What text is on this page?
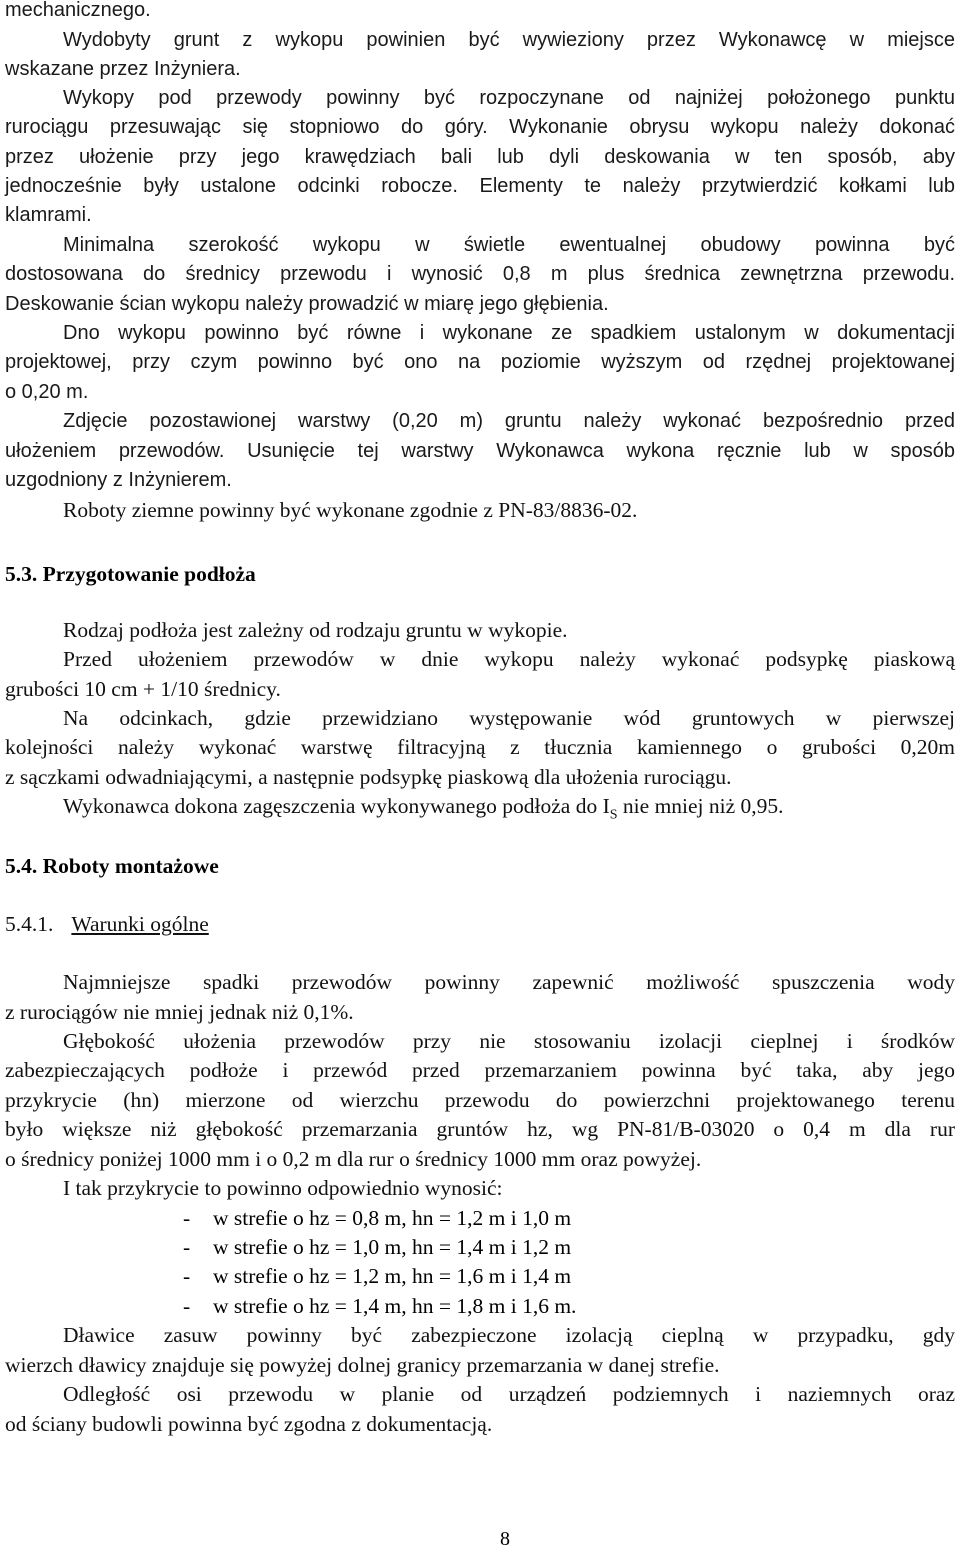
mechanicznego.
Wydobyty grunt z wykopu powinien być wywieziony przez Wykonawcę w miejsce
wskazane przez Inżyniera.
Wykopy pod przewody powinny być rozpoczynane od najniżej położonego punktu
rurociągu przesuwając się stopniowo do góry. Wykonanie obrysu wykopu należy dokonać
przez ułożenie przy jego krawędziach bali lub dyli deskowania w ten sposób, aby
jednocześnie były ustalone odcinki robocze. Elementy te należy przytwierdzić kołkami lub
klamrami.
Minimalna szerokość wykopu w świetle ewentualnej obudowy powinna być
dostosowana do średnicy przewodu i wynosić 0,8 m plus średnica zewnętrzna przewodu.
Deskowanie ścian wykopu należy prowadzić w miarę jego głębienia.
Dno wykopu powinno być równe i wykonane ze spadkiem ustalonym w dokumentacji
projektowej, przy czym powinno być ono na poziomie wyższym od rzędnej projektowanej
o 0,20 m.
Zdjęcie pozostawionej warstwy (0,20 m) gruntu należy wykonać bezpośrednio przed
ułożeniem przewodów. Usunięcie tej warstwy Wykonawca wykona ręcznie lub w sposób
uzgodniony z Inżynierem.
Roboty ziemne powinny być wykonane zgodnie z PN-83/8836-02.
5.3. Przygotowanie podłoża
Rodzaj podłoża jest zależny od rodzaju gruntu w wykopie.
Przed ułożeniem przewodów w dnie wykopu należy wykonać podsypkę piaskową
grubości 10 cm + 1/10 średnicy.
Na odcinkach, gdzie przewidziano występowanie wód gruntowych w pierwszej
kolejności należy wykonać warstwę filtracyjną z tłucznia kamiennego o grubości 0,20m
z sączkami odwadniającymi, a następnie podsypkę piaskową dla ułożenia rurociągu.
Wykonawca dokona zagęszczenia wykonywanego podłoża do $I_S$ nie mniej niż 0,95.
5.4. Roboty montażowe
5.4.1. Warunki ogólne
Najmniejsze spadki przewodów powinny zapewnić możliwość spuszczenia wody
z rurociągów nie mniej jednak niż 0,1%.
Głębokość ułożenia przewodów przy nie stosowaniu izolacji cieplnej i środków
zabezpieczających podłoże i przewód przed przemarzaniem powinna być taka, aby jego
przykrycie (hn) mierzone od wierzchu przewodu do powierzchni projektowanego terenu
było większe niż głębokość przemarzania gruntów hz, wg PN-81/B-03020 o 0,4 m dla rur
o średnicy poniżej 1000 mm i o 0,2 m dla rur o średnicy 1000 mm oraz powyżej.
I tak przykrycie to powinno odpowiednio wynosić:
- w strefie o hz = 0,8 m, hn = 1,2 m i 1,0 m
- w strefie o hz = 1,0 m, hn = 1,4 m i 1,2 m
- w strefie o hz = 1,2 m, hn = 1,6 m i 1,4 m
- w strefie o hz = 1,4 m, hn = 1,8 m i 1,6 m.
Dławice zasuw powinny być zabezpieczone izolacją cieplną w przypadku, gdy
wierzch dławicy znajduje się powyżej dolnej granicy przemarzania w danej strefie.
Odległość osi przewodu w planie od urządzeń podziemnych i naziemnych oraz
od ściany budowli powinna być zgodna z dokumentacją.
8
